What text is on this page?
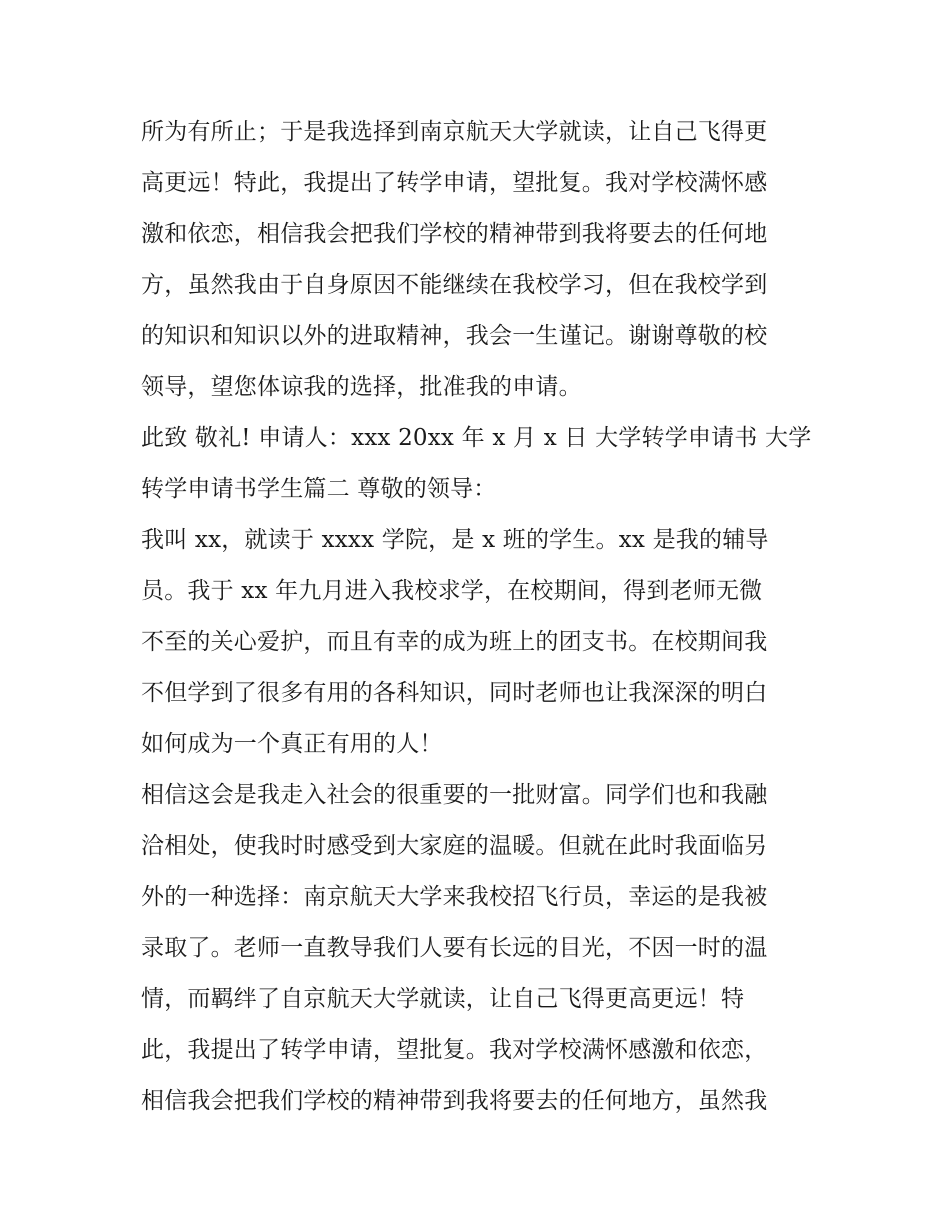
所为有所止；于是我选择到南京航天大学就读，让自己飞得更
高更远！特此，我提出了转学申请，望批复。我对学校满怀感
激和依恋，相信我会把我们学校的精神带到我将要去的任何地
方，虽然我由于自身原因不能继续在我校学习，但在我校学到
的知识和知识以外的进取精神，我会一生谨记。谢谢尊敬的校
领导，望您体谅我的选择，批准我的申请。
此致 敬礼! 申请人：xxx 20xx 年 x 月 x 日 大学转学申请书 大学
转学申请书学生篇二 尊敬的领导：
我叫 xx，就读于 xxxx 学院，是 x 班的学生。xx 是我的辅导
员。我于 xx 年九月进入我校求学，在校期间，得到老师无微
不至的关心爱护，而且有幸的成为班上的团支书。在校期间我
不但学到了很多有用的各科知识，同时老师也让我深深的明白
如何成为一个真正有用的人！
相信这会是我走入社会的很重要的一批财富。同学们也和我融
洽相处，使我时时感受到大家庭的温暖。但就在此时我面临另
外的一种选择：南京航天大学来我校招飞行员，幸运的是我被
录取了。老师一直教导我们人要有长远的目光，不因一时的温
情，而羁绊了自京航天大学就读，让自己飞得更高更远！特
此，我提出了转学申请，望批复。我对学校满怀感激和依恋，
相信我会把我们学校的精神带到我将要去的任何地方，虽然我
